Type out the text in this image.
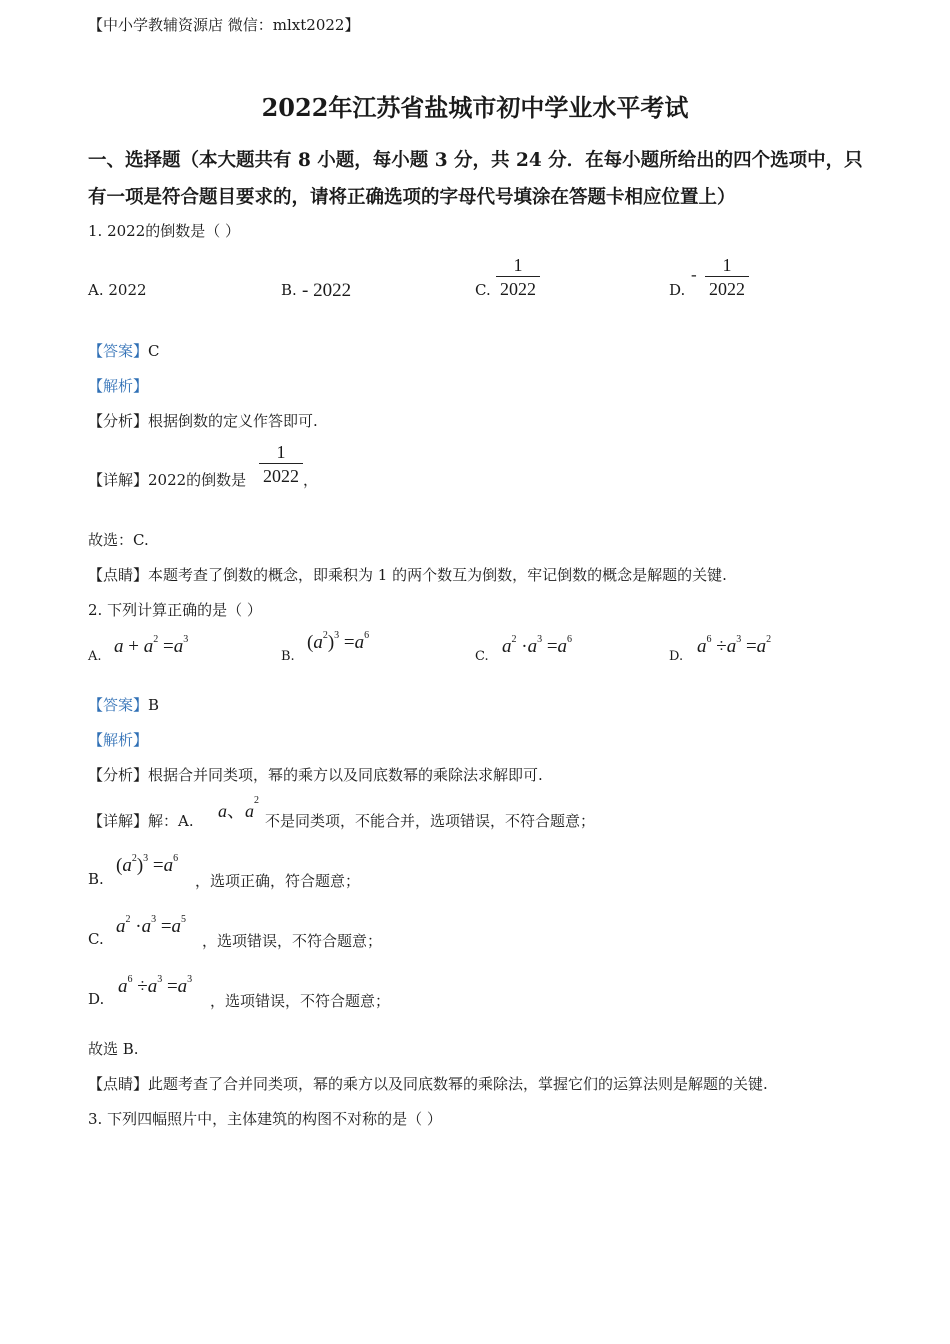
【中小学教辅资源店 微信：mlxt2022】
2022年江苏省盐城市初中学业水平考试
一、选择题（本大题共有 8 小题，每小题 3 分，共 24 分．在每小题所给出的四个选项中，只
有一项是符合题目要求的，请将正确选项的字母代号填涂在答题卡相应位置上）
1. 2022的倒数是（ ）
A. 2022	B. - 2022	C.
1
2022	D.
-	1
2022
【答案】C
【解析】
【分析】根据倒数的定义作答即可.
【详解】2022的倒数是
1
2022 ，
故选：C.
【点睛】本题考查了倒数的概念，即乘积为 1 的两个数互为倒数，牢记倒数的概念是解题的关键.
2. 下列计算正确的是（ ）
A. $a + a^2 =a^3$
B.
$(a^2)^3 =a^6$
C. $a^2 \cdot a^3 =a^6$
D. $a^6 \div a^3 =a^2$
【答案】B
【解析】
【分析】根据合并同类项，幂的乘方以及同底数幂的乘除法求解即可.
【详解】解：A. a、$a^2$
不是同类项，不能合并，选项错误，不符合题意；
B.
$(a^2)^3 =a^6$
，选项正确，符合题意；
C.
$a^2 \cdot a^3 =a^5$
，选项错误，不符合题意；
D.
$a^6 \div a^3 =a^3$
，选项错误，不符合题意；
故选 B.
【点睛】此题考查了合并同类项，幂的乘方以及同底数幂的乘除法，掌握它们的运算法则是解题的关键.
3. 下列四幅照片中，主体建筑的构图不对称的是（ ）
